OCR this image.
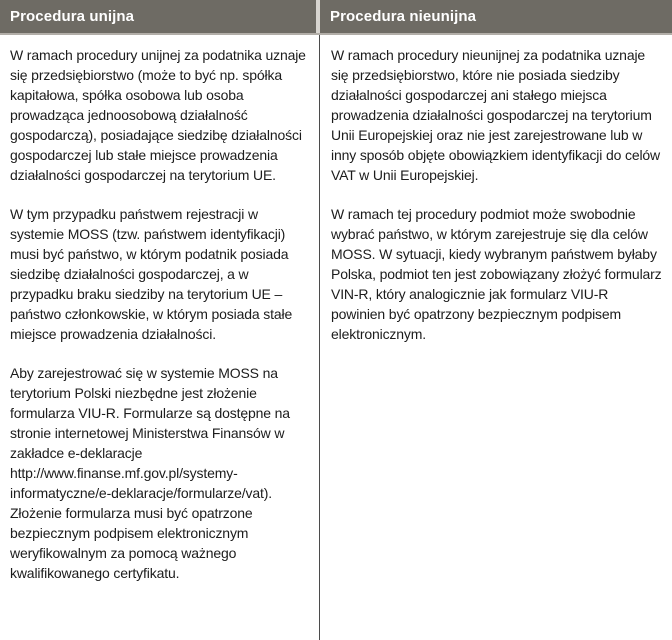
Procedura unijna	Procedura nieunijna

W ramach procedury unijnej za podatnika uznaje się przedsiębiorstwo (może to być np. spółka kapitałowa, spółka osobowa lub osoba prowadząca jednoosobową działalność gospodarczą), posiadające siedzibę działalności gospodarczej lub stałe miejsce prowadzenia działalności gospodarczej na terytorium UE.

W tym przypadku państwem rejestracji w systemie MOSS (tzw. państwem identyfikacji) musi być państwo, w którym podatnik posiada siedzibę działalności gospodarczej, a w przypadku braku siedziby na terytorium UE – państwo członkowskie, w którym posiada stałe miejsce prowadzenia działalności.

Aby zarejestrować się w systemie MOSS na terytorium Polski niezbędne jest złożenie formularza VIU-R. Formularze są dostępne na stronie internetowej Ministerstwa Finansów w zakładce e-deklaracje http://www.finanse.mf.gov.pl/systemy-informatyczne/e-deklaracje/formularze/vat). Złożenie formularza musi być opatrzone bezpiecznym podpisem elektronicznym weryfikowalnym za pomocą ważnego kwalifikowanego certyfikatu.

W ramach procedury nieunijnej za podatnika uznaje się przedsiębiorstwo, które nie posiada siedziby działalności gospodarczej ani stałego miejsca prowadzenia działalności gospodarczej na terytorium Unii Europejskiej oraz nie jest zarejestrowane lub w inny sposób objęte obowiązkiem identyfikacji do celów VAT w Unii Europejskiej.

W ramach tej procedury podmiot może swobodnie wybrać państwo, w którym zarejestruje się dla celów MOSS. W sytuacji, kiedy wybranym państwem byłaby Polska, podmiot ten jest zobowiązany złożyć formularz VIN-R, który analogicznie jak formularz VIU-R powinien być opatrzony bezpiecznym podpisem elektronicznym.
